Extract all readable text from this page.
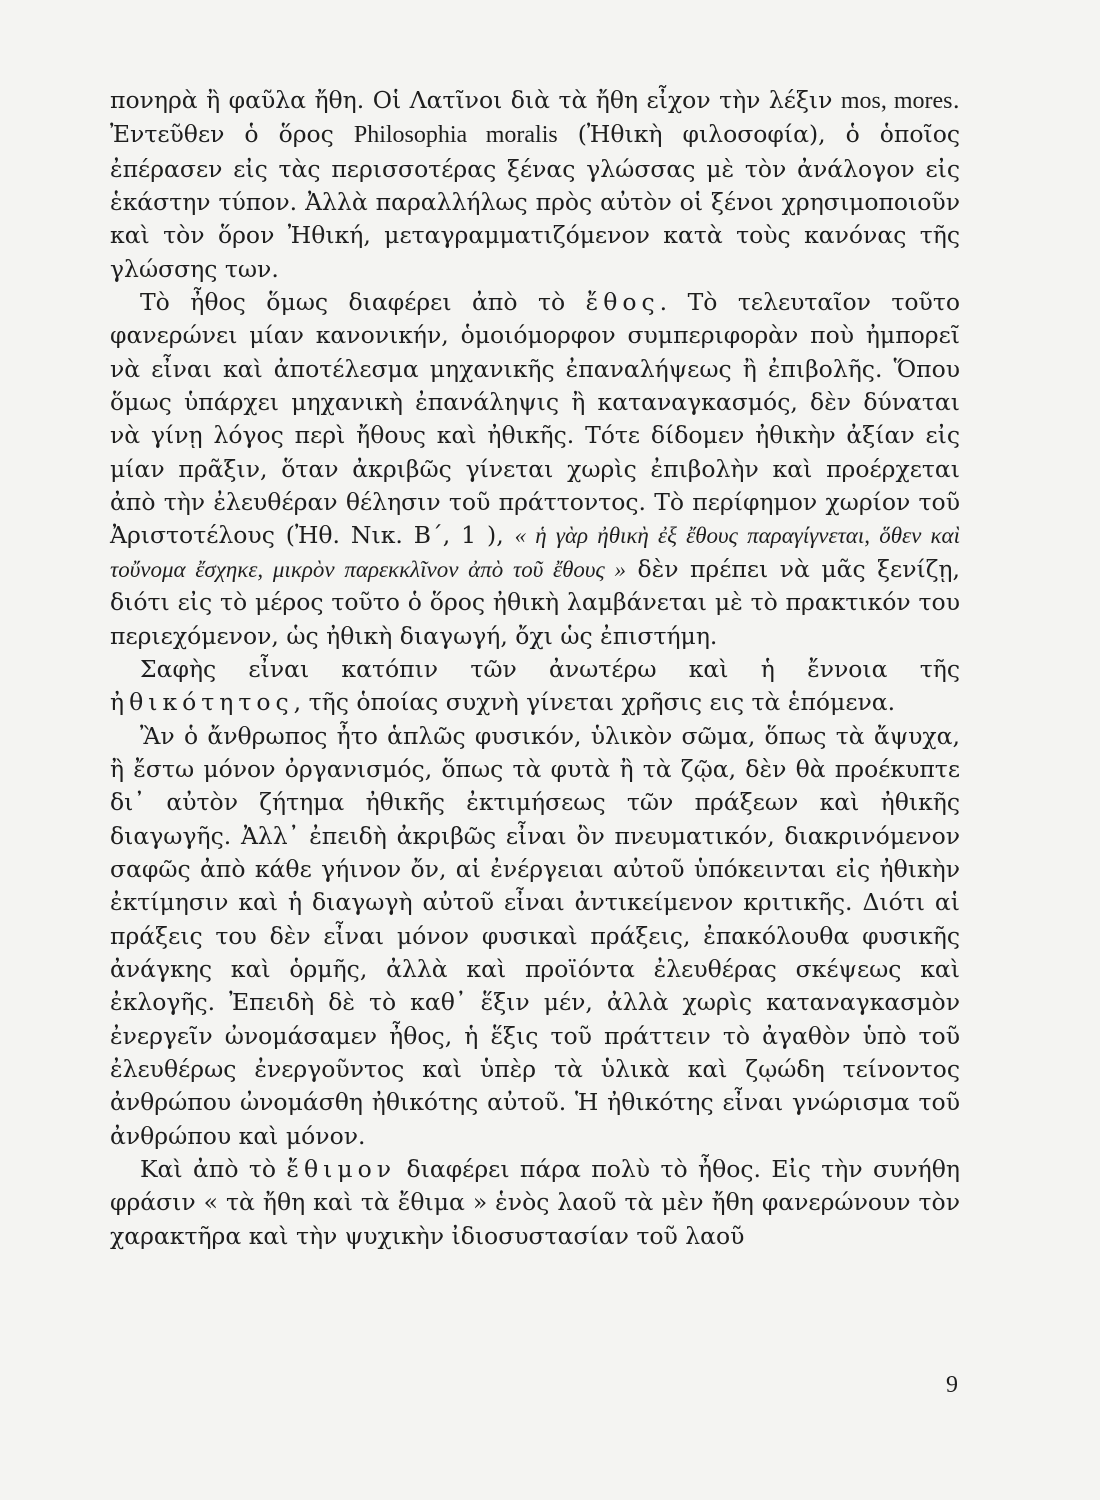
πονηρὰ ἢ φαῦλα ἤθη. Οἱ Λατῖνοι διὰ τὰ ἤθη εἶχον τὴν λέξιν mos, mores. Ἐντεῦθεν ὁ ὅρος Philosophia moralis (Ἠθικὴ φιλοσοφία), ὁ ὁποῖος ἐπέρασεν εἰς τὰς περισσοτέρας ξένας γλώσσας μὲ τὸν ἀνάλογον εἰς ἑκάστην τύπον. Ἀλλὰ παραλλήλως πρὸς αὐτὸν οἱ ξένοι χρησιμοποιοῦν καὶ τὸν ὅρον Ἠθική, μεταγραμματιζόμενον κατὰ τοὺς κανόνας τῆς γλώσσης των.

Τὸ ἦθος ὅμως διαφέρει ἀπὸ τὸ ἔθος. Τὸ τελευταῖον τοῦτο φανερώνει μίαν κανονικήν, ὁμοιόμορφον συμπεριφορὰν ποὺ ἠμπορεῖ νὰ εἶναι καὶ ἀποτέλεσμα μηχανικῆς ἐπαναλήψεως ἢ ἐπιβολῆς. Ὅπου ὅμως ὑπάρχει μηχανικὴ ἐπανάληψις ἢ καταναγκασμός, δὲν δύναται νὰ γίνῃ λόγος περὶ ἤθους καὶ ἠθικῆς. Τότε δίδομεν ἠθικὴν ἀξίαν εἰς μίαν πρᾶξιν, ὅταν ἀκριβῶς γίνεται χωρὶς ἐπιβολὴν καὶ προέρχεται ἀπὸ τὴν ἐλευθέραν θέλησιν τοῦ πράττοντος. Τὸ περίφημον χωρίον τοῦ Ἀριστοτέλους (Ἠθ. Νικ. Β΄, 1 ), « ἡ γὰρ ἠθικὴ ἐξ ἔθους παραγίγνεται, ὅθεν καὶ τοὔνομα ἔσχηκε, μικρὸν παρεκκλῖνον ἀπὸ τοῦ ἔθους » δὲν πρέπει νὰ μᾶς ξενίζῃ, διότι εἰς τὸ μέρος τοῦτο ὁ ὅρος ἠθικὴ λαμβάνεται μὲ τὸ πρακτικόν του περιεχόμενον, ὡς ἠθικὴ διαγωγή, ὄχι ὡς ἐπιστήμη.

Σαφὴς εἶναι κατόπιν τῶν ἀνωτέρω καὶ ἡ ἔννοια τῆς ἠθικότητος, τῆς ὁποίας συχνὴ γίνεται χρῆσις εις τὰ ἑπόμενα.

Ἂν ὁ ἄνθρωπος ἦτο ἁπλῶς φυσικόν, ὑλικὸν σῶμα, ὅπως τὰ ἄψυχα, ἢ ἔστω μόνον ὀργανισμός, ὅπως τὰ φυτὰ ἢ τὰ ζῷα, δὲν θὰ προέκυπτε δι᾽ αὐτὸν ζήτημα ἠθικῆς ἐκτιμήσεως τῶν πράξεων καὶ ἠθικῆς διαγωγῆς. Ἀλλ᾽ ἐπειδὴ ἀκριβῶς εἶναι ὂν πνευματικόν, διακρινόμενον σαφῶς ἀπὸ κάθε γήινον ὄν, αἱ ἐνέργειαι αὐτοῦ ὑπόκεινται εἰς ἠθικὴν ἐκτίμησιν καὶ ἡ διαγωγὴ αὐτοῦ εἶναι ἀντικείμενον κριτικῆς. Διότι αἱ πράξεις του δὲν εἶναι μόνον φυσικαὶ πράξεις, ἐπακόλουθα φυσικῆς ἀνάγκης καὶ ὁρμῆς, ἀλλὰ καὶ προϊόντα ἐλευθέρας σκέψεως καὶ ἐκλογῆς. Ἐπειδὴ δὲ τὸ καθ᾽ ἕξιν μέν, ἀλλὰ χωρὶς καταναγκασμὸν ἐνεργεῖν ὠνομάσαμεν ἦθος, ἡ ἕξις τοῦ πράττειν τὸ ἀγαθὸν ὑπὸ τοῦ ἐλευθέρως ἐνεργοῦντος καὶ ὑπὲρ τὰ ὑλικὰ καὶ ζῳώδη τείνοντος ἀνθρώπου ὠνομάσθη ἠθικότης αὐτοῦ. Ἡ ἠθικότης εἶναι γνώρισμα τοῦ ἀνθρώπου καὶ μόνον.

Καὶ ἀπὸ τὸ ἔθιμον διαφέρει πάρα πολὺ τὸ ἦθος. Εἰς τὴν συνήθη φράσιν « τὰ ἤθη καὶ τὰ ἔθιμα » ἑνὸς λαοῦ τὰ μὲν ἤθη φανερώνουν τὸν χαρακτῆρα καὶ τὴν ψυχικὴν ἰδιοσυστασίαν τοῦ λαοῦ

9
